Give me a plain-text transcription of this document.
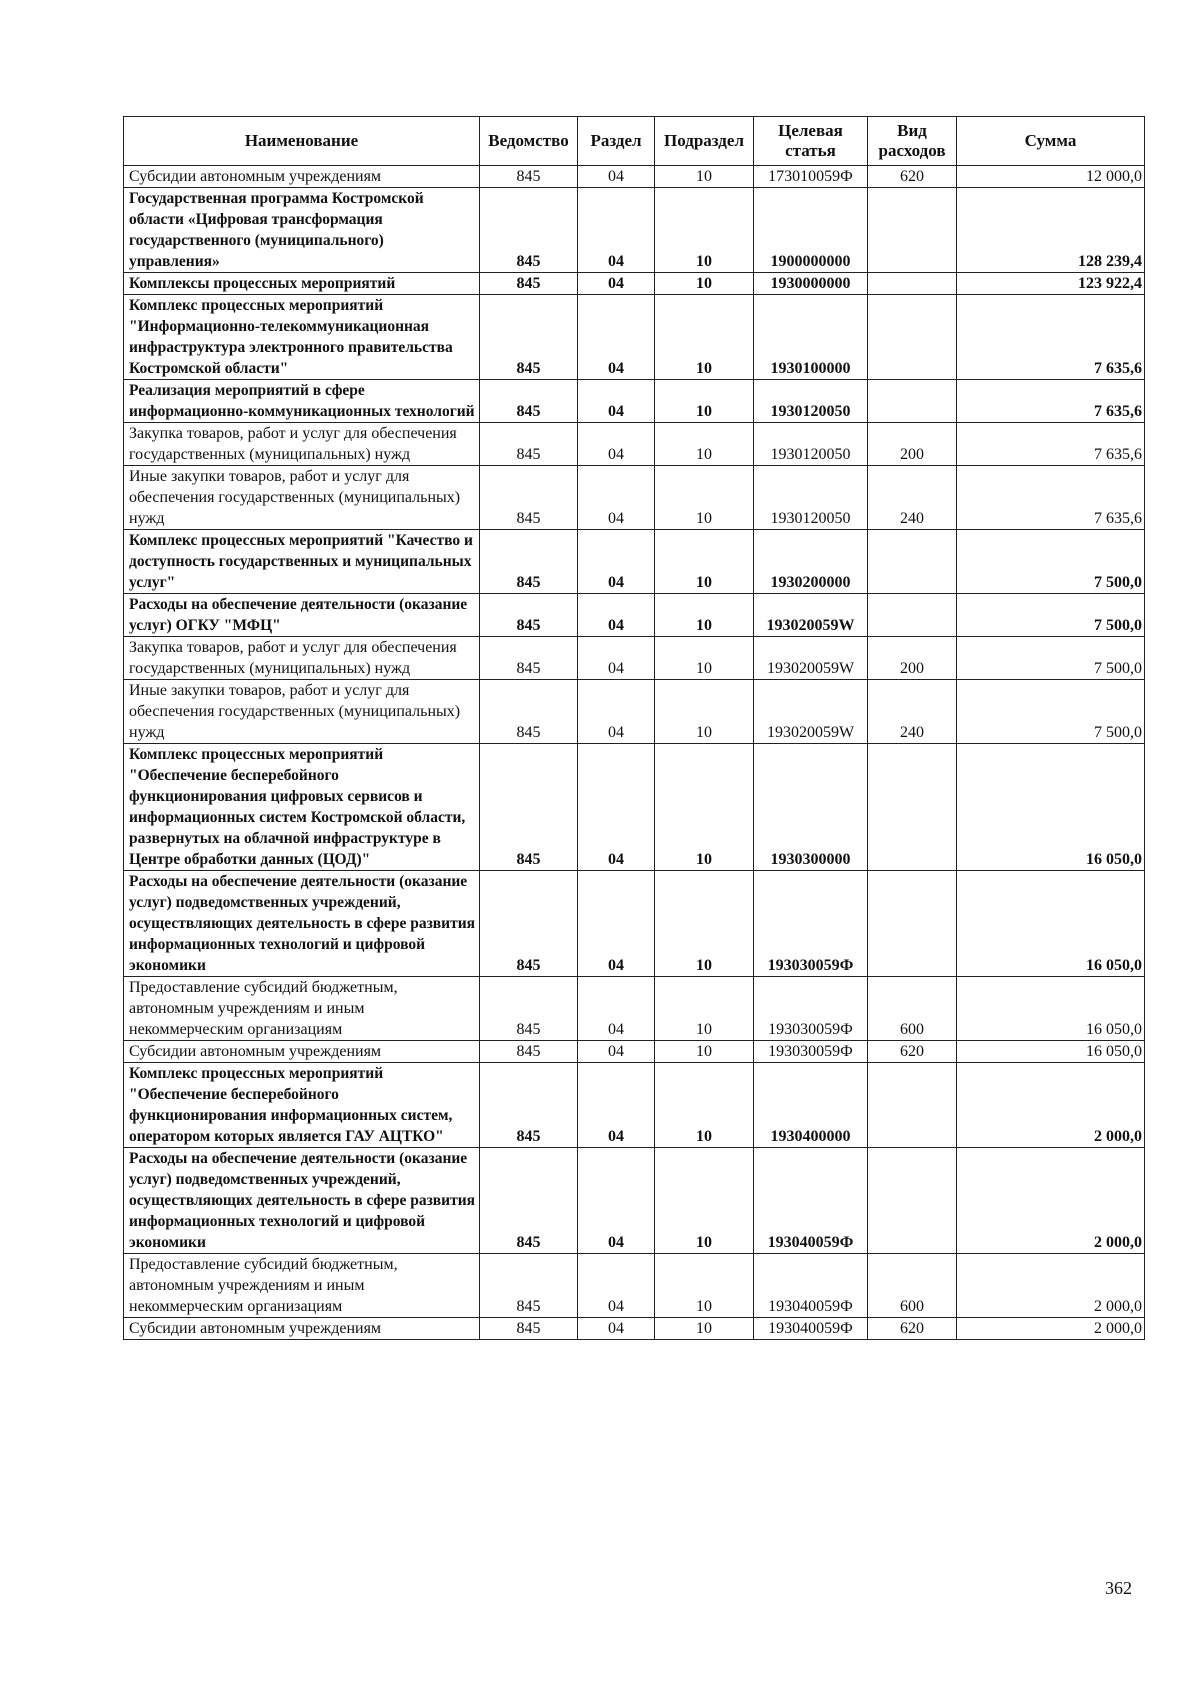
Наименование	Ведомство	Раздел	Подраздел	Целевая статья	Вид расходов	Сумма
Субсидии автономным учреждениям	845	04	10	173010059Ф	620	12 000,0
Государственная программа Костромской области «Цифровая трансформация государственного (муниципального) управления»	845	04	10	1900000000		128 239,4
Комплексы процессных мероприятий	845	04	10	1930000000		123 922,4
Комплекс процессных мероприятий "Информационно-телекоммуникационная инфраструктура электронного правительства Костромской области"	845	04	10	1930100000		7 635,6
Реализация мероприятий в сфере информационно-коммуникационных технологий	845	04	10	1930120050		7 635,6
Закупка товаров, работ и услуг для обеспечения государственных (муниципальных) нужд	845	04	10	1930120050	200	7 635,6
Иные закупки товаров, работ и услуг для обеспечения государственных (муниципальных) нужд	845	04	10	1930120050	240	7 635,6
Комплекс процессных мероприятий "Качество и доступность государственных и муниципальных услуг"	845	04	10	1930200000		7 500,0
Расходы на обеспечение деятельности (оказание услуг) ОГКУ "МФЦ"	845	04	10	193020059W		7 500,0
Закупка товаров, работ и услуг для обеспечения государственных (муниципальных) нужд	845	04	10	193020059W	200	7 500,0
Иные закупки товаров, работ и услуг для обеспечения государственных (муниципальных) нужд	845	04	10	193020059W	240	7 500,0
Комплекс процессных мероприятий "Обеспечение бесперебойного функционирования цифровых сервисов и информационных систем Костромской области, развернутых на облачной инфраструктуре в Центре обработки данных (ЦОД)"	845	04	10	1930300000		16 050,0
Расходы на обеспечение деятельности (оказание услуг) подведомственных учреждений, осуществляющих деятельность в сфере развития информационных технологий и цифровой экономики	845	04	10	193030059Ф		16 050,0
Предоставление субсидий бюджетным, автономным учреждениям и иным некоммерческим организациям	845	04	10	193030059Ф	600	16 050,0
Субсидии автономным учреждениям	845	04	10	193030059Ф	620	16 050,0
Комплекс процессных мероприятий "Обеспечение бесперебойного функционирования информационных систем, оператором которых является ГАУ АЦТКО"	845	04	10	1930400000		2 000,0
Расходы на обеспечение деятельности (оказание услуг) подведомственных учреждений, осуществляющих деятельность в сфере развития информационных технологий и цифровой экономики	845	04	10	193040059Ф		2 000,0
Предоставление субсидий бюджетным, автономным учреждениям и иным некоммерческим организациям	845	04	10	193040059Ф	600	2 000,0
Субсидии автономным учреждениям	845	04	10	193040059Ф	620	2 000,0
362
